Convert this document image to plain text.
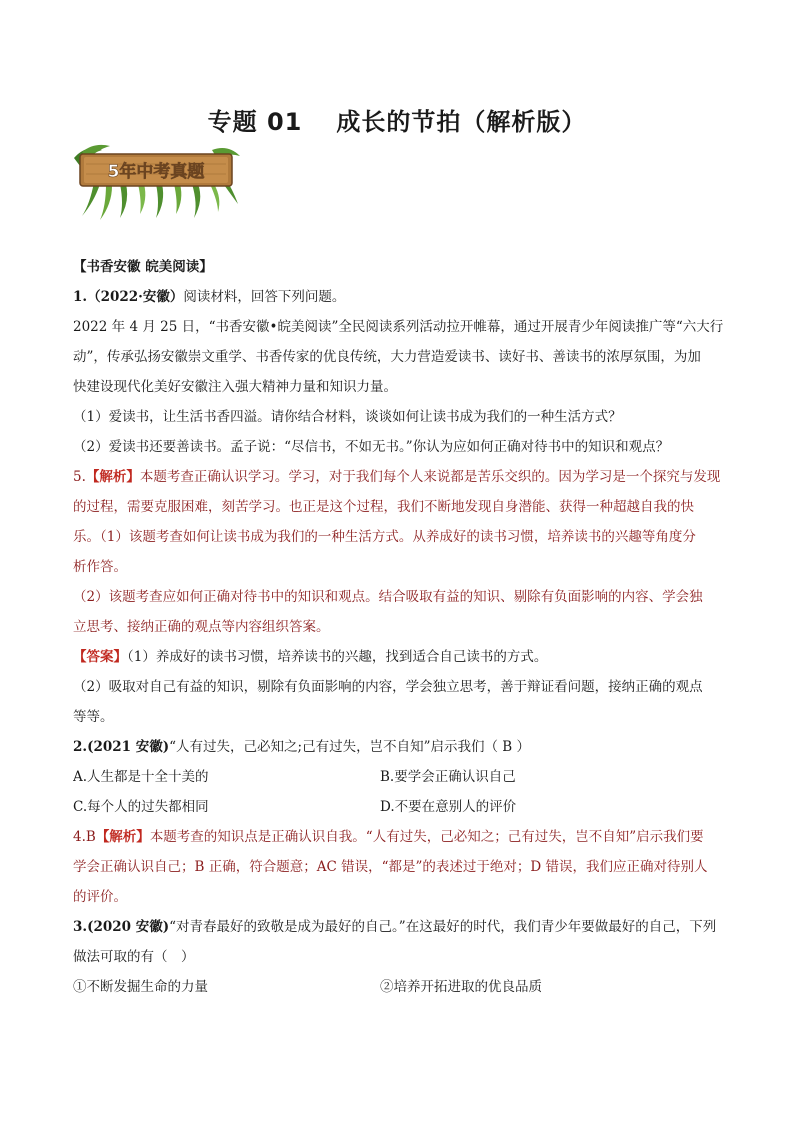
专题 01 成长的节拍（解析版）
5年中考真题
【书香安徽 皖美阅读】
1.（2022·安徽）阅读材料，回答下列问题。
2022 年 4 月 25 日，“书香安徽•皖美阅读”全民阅读系列活动拉开帷幕，通过开展青少年阅读推广等“六大行
动”，传承弘扬安徽崇文重学、书香传家的优良传统，大力营造爱读书、读好书、善读书的浓厚氛围，为加
快建设现代化美好安徽注入强大精神力量和知识力量。
（1）爱读书，让生活书香四溢。请你结合材料，谈谈如何让读书成为我们的一种生活方式？
（2）爱读书还要善读书。孟子说：“尽信书，不如无书。”你认为应如何正确对待书中的知识和观点？
5.【解析】本题考查正确认识学习。学习，对于我们每个人来说都是苦乐交织的。因为学习是一个探究与发现
的过程，需要克服困难，刻苦学习。也正是这个过程，我们不断地发现自身潜能、获得一种超越自我的快
乐。（1）该题考查如何让读书成为我们的一种生活方式。从养成好的读书习惯，培养读书的兴趣等角度分
析作答。
（2）该题考查应如何正确对待书中的知识和观点。结合吸取有益的知识、剔除有负面影响的内容、学会独
立思考、接纳正确的观点等内容组织答案。
【答案】（1）养成好的读书习惯，培养读书的兴趣，找到适合自己读书的方式。
（2）吸取对自己有益的知识，剔除有负面影响的内容，学会独立思考，善于辩证看问题，接纳正确的观点
等等。
2.(2021 安徽)“人有过失，己必知之;己有过失，岂不自知”启示我们（ B ）
A.人生都是十全十美的	B.要学会正确认识自己
C.每个人的过失都相同	D.不要在意别人的评价
4.B【解析】本题考查的知识点是正确认识自我。“人有过失，己必知之；己有过失，岂不自知”启示我们要
学会正确认识自己；B 正确，符合题意；AC 错误，“都是”的表述过于绝对；D 错误，我们应正确对待别人
的评价。
3.(2020 安徽)“对青春最好的致敬是成为最好的自己。”在这最好的时代，我们青少年要做最好的自己，下列
做法可取的有（　）
①不断发掘生命的力量	②培养开拓进取的优良品质
